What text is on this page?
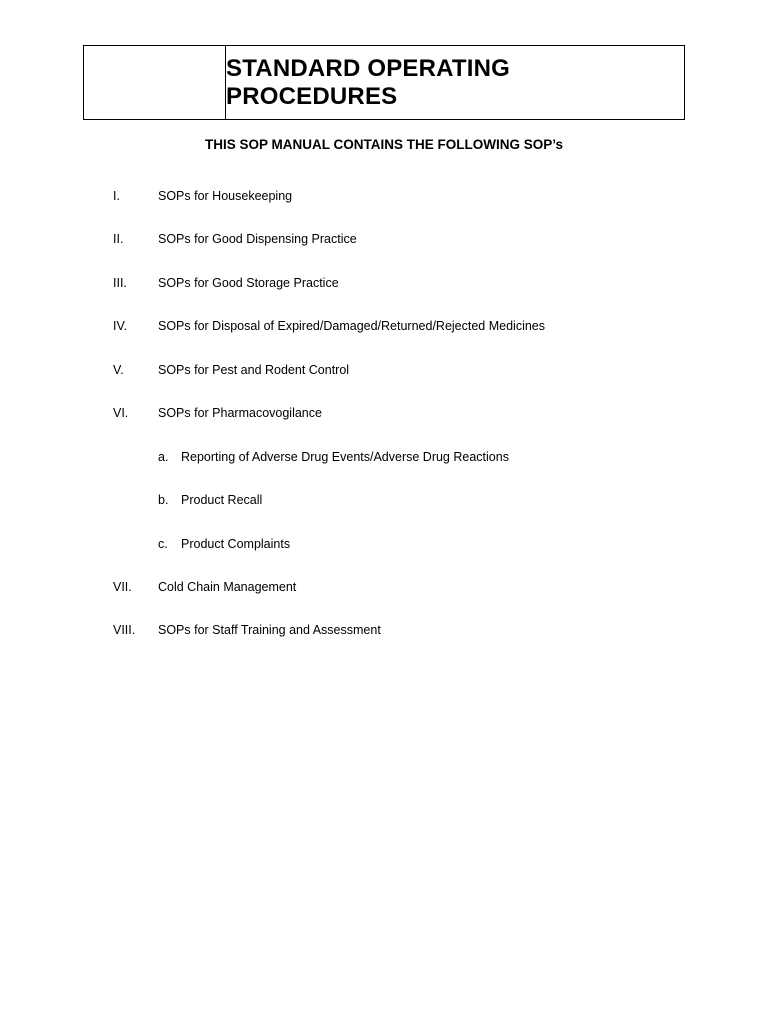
STANDARD OPERATING PROCEDURES
THIS SOP MANUAL CONTAINS THE FOLLOWING SOP’s
I.	SOPs for Housekeeping
II.	SOPs for Good Dispensing Practice
III. SOPs for Good Storage Practice
IV. SOPs for Disposal of Expired/Damaged/Returned/Rejected Medicines
V.	SOPs for Pest and Rodent Control
VI. SOPs for Pharmacovogilance
a. Reporting of Adverse Drug Events/Adverse Drug Reactions
b. Product Recall
c. Product Complaints
VII. Cold Chain Management
VIII. SOPs for Staff Training and Assessment
